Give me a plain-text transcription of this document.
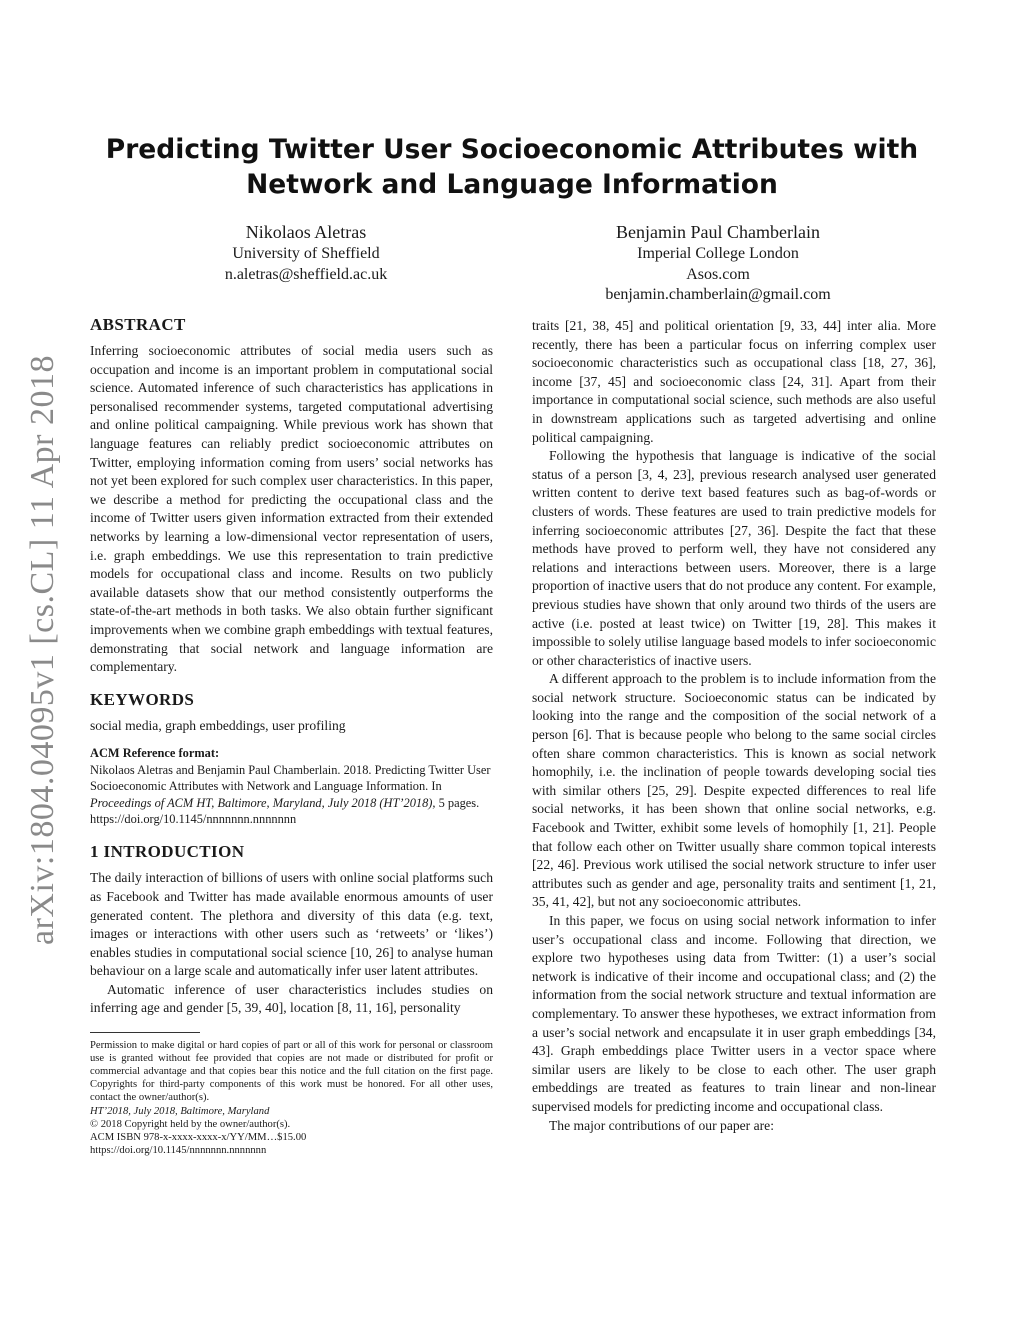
arXiv:1804.04095v1 [cs.CL] 11 Apr 2018
Predicting Twitter User Socioeconomic Attributes with Network and Language Information
Nikolaos Aletras
University of Sheffield
n.aletras@sheffield.ac.uk
Benjamin Paul Chamberlain
Imperial College London
Asos.com
benjamin.chamberlain@gmail.com
ABSTRACT

Inferring socioeconomic attributes of social media users such as occupation and income is an important problem in computational social science. Automated inference of such characteristics has applications in personalised recommender systems, targeted computational advertising and online political campaigning. While previous work has shown that language features can reliably predict socioeconomic attributes on Twitter, employing information coming from users’ social networks has not yet been explored for such complex user characteristics. In this paper, we describe a method for predicting the occupational class and the income of Twitter users given information extracted from their extended networks by learning a low-dimensional vector representation of users, i.e. graph embeddings. We use this representation to train predictive models for occupational class and income. Results on two publicly available datasets show that our method consistently outperforms the state-of-the-art methods in both tasks. We also obtain further significant improvements when we combine graph embeddings with textual features, demonstrating that social network and language information are complementary.

KEYWORDS

social media, graph embeddings, user profiling

ACM Reference format:

Nikolaos Aletras and Benjamin Paul Chamberlain. 2018. Predicting Twitter User Socioeconomic Attributes with Network and Language Information. In Proceedings of ACM HT, Baltimore, Maryland, July 2018 (HT’2018), 5 pages.
https://doi.org/10.1145/nnnnnnn.nnnnnnn

1 INTRODUCTION

The daily interaction of billions of users with online social platforms such as Facebook and Twitter has made available enormous amounts of user generated content. The plethora and diversity of this data (e.g. text, images or interactions with other users such as ‘retweets’ or ‘likes’) enables studies in computational social science [10, 26] to analyse human behaviour on a large scale and automatically infer user latent attributes.

Automatic inference of user characteristics includes studies on inferring age and gender [5, 39, 40], location [8, 11, 16], personality

Permission to make digital or hard copies of part or all of this work for personal or classroom use is granted without fee provided that copies are not made or distributed for profit or commercial advantage and that copies bear this notice and the full citation on the first page. Copyrights for third-party components of this work must be honored. For all other uses, contact the owner/author(s).

HT’2018, July 2018, Baltimore, Maryland

© 2018 Copyright held by the owner/author(s).

ACM ISBN 978-x-xxxx-xxxx-x/YY/MM…$15.00

https://doi.org/10.1145/nnnnnnn.nnnnnnn

traits [21, 38, 45] and political orientation [9, 33, 44] inter alia. More recently, there has been a particular focus on inferring complex user socioeconomic characteristics such as occupational class [18, 27, 36], income [37, 45] and socioeconomic class [24, 31]. Apart from their importance in computational social science, such methods are also useful in downstream applications such as targeted advertising and online political campaigning.

Following the hypothesis that language is indicative of the social status of a person [3, 4, 23], previous research analysed user generated written content to derive text based features such as bag-of-words or clusters of words. These features are used to train predictive models for inferring socioeconomic attributes [27, 36]. Despite the fact that these methods have proved to perform well, they have not considered any relations and interactions between users. Moreover, there is a large proportion of inactive users that do not produce any content. For example, previous studies have shown that only around two thirds of the users are active (i.e. posted at least twice) on Twitter [19, 28]. This makes it impossible to solely utilise language based models to infer socioeconomic or other characteristics of inactive users.

A different approach to the problem is to include information from the social network structure. Socioeconomic status can be indicated by looking into the range and the composition of the social network of a person [6]. That is because people who belong to the same social circles often share common characteristics. This is known as social network homophily, i.e. the inclination of people towards developing social ties with similar others [25, 29]. Despite expected differences to real life social networks, it has been shown that online social networks, e.g. Facebook and Twitter, exhibit some levels of homophily [1, 21]. People that follow each other on Twitter usually share common topical interests [22, 46]. Previous work utilised the social network structure to infer user attributes such as gender and age, personality traits and sentiment [1, 21, 35, 41, 42], but not any socioeconomic attributes.

In this paper, we focus on using social network information to infer user’s occupational class and income. Following that direction, we explore two hypotheses using data from Twitter: (1) a user’s social network is indicative of their income and occupational class; and (2) the information from the social network structure and textual information are complementary. To answer these hypotheses, we extract information from a user’s social network and encapsulate it in user graph embeddings [34, 43]. Graph embeddings place Twitter users in a vector space where similar users are likely to be close to each other. The user graph embeddings are treated as features to train linear and non-linear supervised models for predicting income and occupational class.

The major contributions of our paper are:
